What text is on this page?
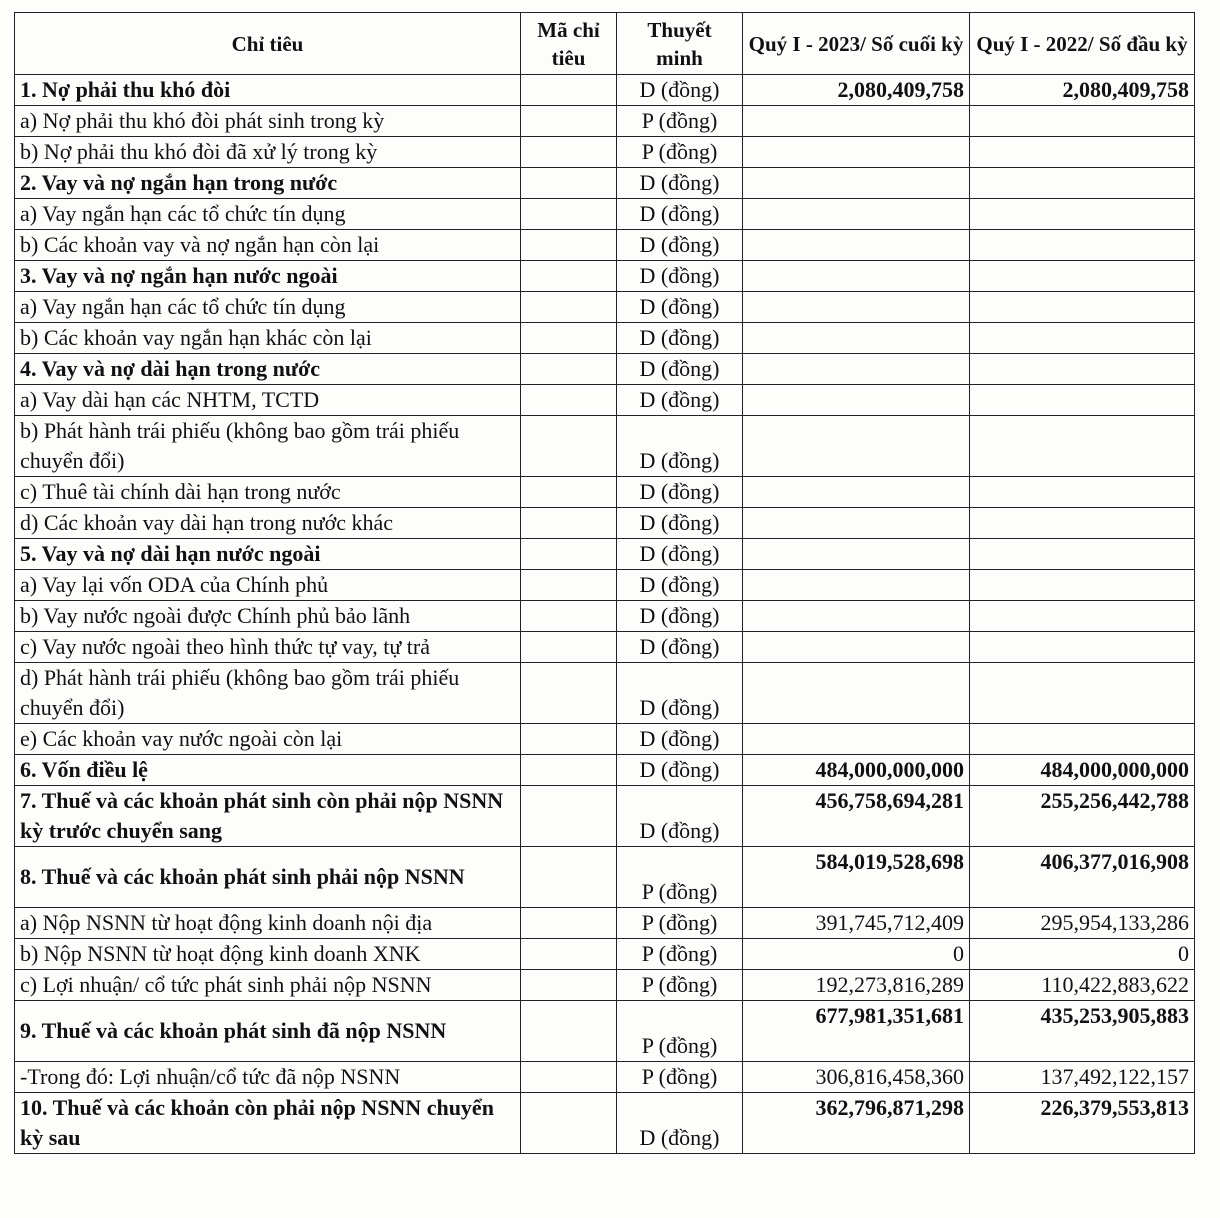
Chỉ tiêu	Mã chỉ tiêu	Thuyết minh	Quý I - 2023/ Số cuối kỳ	Quý I - 2022/ Số đầu kỳ
1. Nợ phải thu khó đòi		D (đồng)	2,080,409,758	2,080,409,758
a) Nợ phải thu khó đòi phát sinh trong kỳ		P (đồng)		
b) Nợ phải thu khó đòi đã xử lý trong kỳ		P (đồng)		
2. Vay và nợ ngắn hạn trong nước		D (đồng)		
a) Vay ngắn hạn các tổ chức tín dụng		D (đồng)		
b) Các khoản vay và nợ ngắn hạn còn lại		D (đồng)		
3. Vay và nợ ngắn hạn nước ngoài		D (đồng)		
a) Vay ngắn hạn các tổ chức tín dụng		D (đồng)		
b) Các khoản vay ngắn hạn khác còn lại		D (đồng)		
4. Vay và nợ dài hạn trong nước		D (đồng)		
a) Vay dài hạn các NHTM, TCTD		D (đồng)		
b) Phát hành trái phiếu (không bao gồm trái phiếu chuyển đổi)		D (đồng)		
c) Thuê tài chính dài hạn trong nước		D (đồng)		
d) Các khoản vay dài hạn trong nước khác		D (đồng)		
5. Vay và nợ dài hạn nước ngoài		D (đồng)		
a) Vay lại vốn ODA của Chính phủ		D (đồng)		
b) Vay nước ngoài được Chính phủ bảo lãnh		D (đồng)		
c) Vay nước ngoài theo hình thức tự vay, tự trả		D (đồng)		
d) Phát hành trái phiếu (không bao gồm trái phiếu chuyển đổi)		D (đồng)		
e) Các khoản vay nước ngoài còn lại		D (đồng)		
6. Vốn điều lệ		D (đồng)	484,000,000,000	484,000,000,000
7. Thuế và các khoản phát sinh còn phải nộp NSNN kỳ trước chuyển sang		D (đồng)	456,758,694,281	255,256,442,788
8. Thuế và các khoản phát sinh phải nộp NSNN		P (đồng)	584,019,528,698	406,377,016,908
a) Nộp NSNN từ hoạt động kinh doanh nội địa		P (đồng)	391,745,712,409	295,954,133,286
b) Nộp NSNN từ hoạt động kinh doanh XNK		P (đồng)	0	0
c) Lợi nhuận/ cổ tức phát sinh phải nộp NSNN		P (đồng)	192,273,816,289	110,422,883,622
9. Thuế và các khoản phát sinh đã nộp NSNN		P (đồng)	677,981,351,681	435,253,905,883
-Trong đó: Lợi nhuận/cổ tức đã nộp NSNN		P (đồng)	306,816,458,360	137,492,122,157
10. Thuế và các khoản còn phải nộp NSNN chuyển kỳ sau		D (đồng)	362,796,871,298	226,379,553,813
